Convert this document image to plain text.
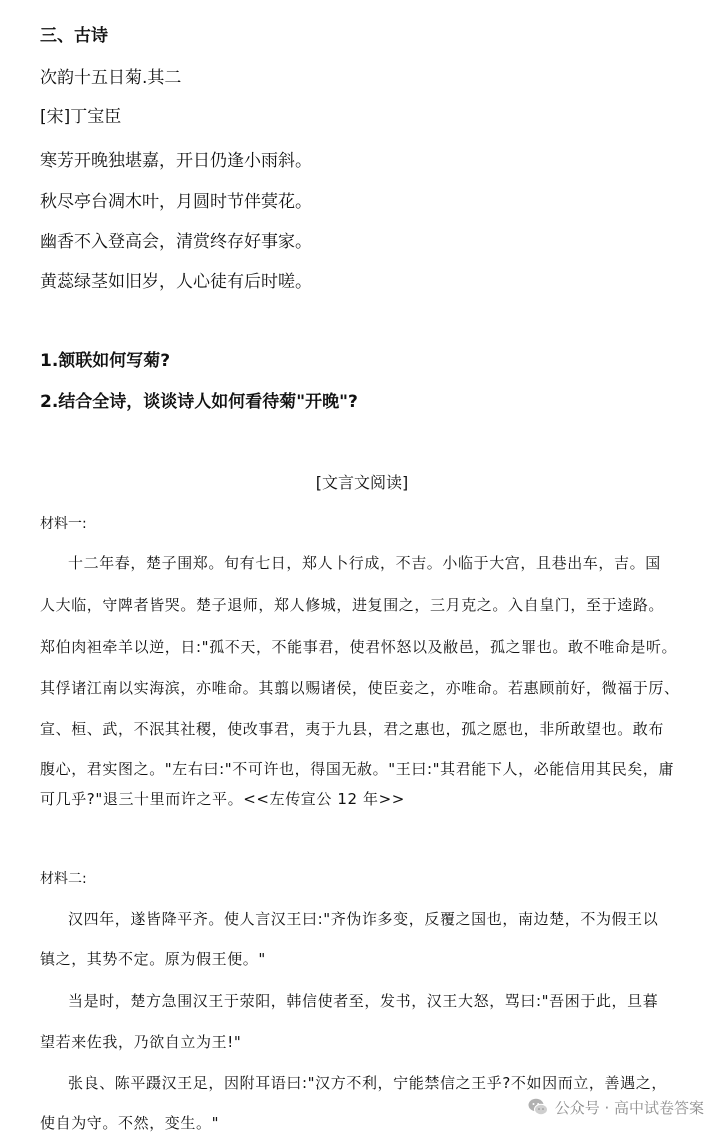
三、古诗
次韵十五日菊.其二
[宋]丁宝臣
寒芳开晚独堪嘉，开日仍逢小雨斜。
秋尽亭台凋木叶，月圆时节伴蓂花。
幽香不入登高会，清赏终存好事家。
黄蕊绿茎如旧岁，人心徒有后时嗟。
1.颔联如何写菊?
2.结合全诗，谈谈诗人如何看待菊"开晚"?
[文言文阅读]
材料一:
十二年春，楚子围郑。旬有七日，郑人卜行成，不吉。小临于大宫，且巷出车，吉。国
人大临，守陴者皆哭。楚子退师，郑人修城，进复围之，三月克之。入自皇门，至于逵路。
郑伯肉袒牵羊以逆，日:"孤不天，不能事君，使君怀怒以及敝邑，孤之罪也。敢不唯命是听。
其俘诸江南以实海滨，亦唯命。其翦以赐诸侯，使臣妾之，亦唯命。若惠顾前好，微福于厉、
宣、桓、武，不泯其社稷，使改事君，夷于九县，君之惠也，孤之愿也，非所敢望也。敢布
腹心，君实图之。"左右曰:"不可许也，得国无赦。"王曰:"其君能下人，必能信用其民矣，庸
可几乎?"退三十里而许之平。<<左传宣公 12 年>>
材料二:
汉四年，遂皆降平齐。使人言汉王曰:"齐伪诈多变，反覆之国也，南边楚，不为假王以
镇之，其势不定。原为假王便。"
当是时，楚方急围汉王于荥阳，韩信使者至，发书，汉王大怒，骂曰:"吾困于此，旦暮
望若来佐我，乃欲自立为王!"
张良、陈平蹑汉王足，因附耳语曰:"汉方不利，宁能禁信之王乎?不如因而立，善遇之，
使自为守。不然，变生。"
公众号 · 高中试卷答案
